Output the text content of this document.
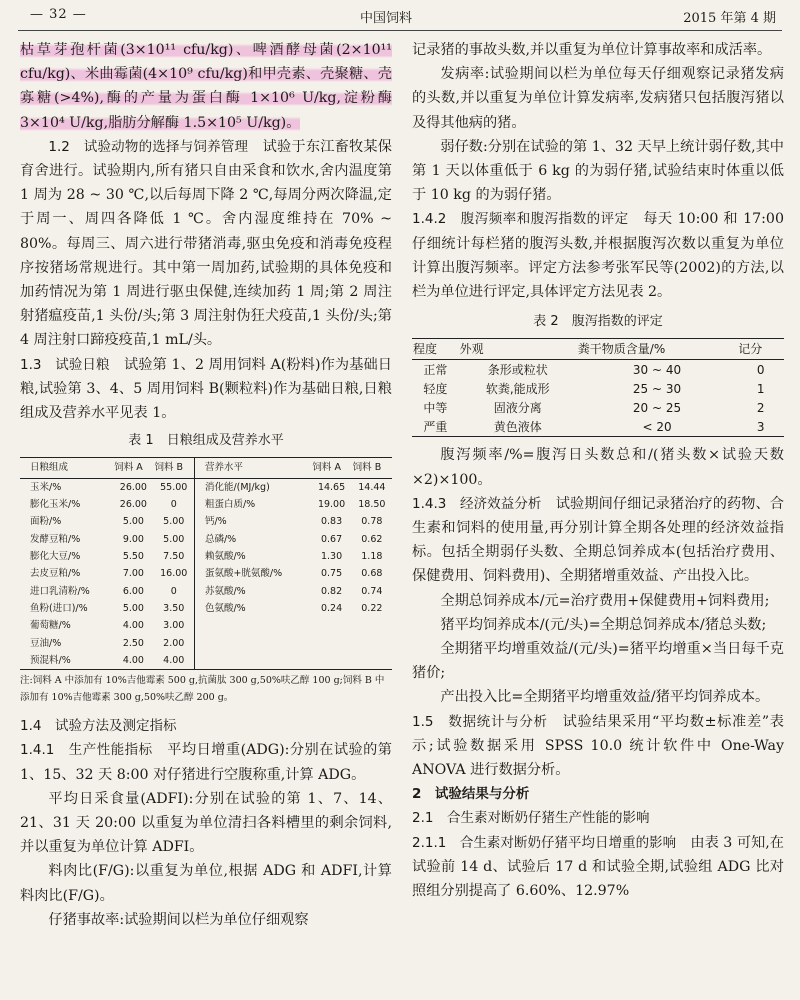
— 32 —	中国饲料	2015 年第 4 期

枯草芽孢杆菌(3×10¹¹ cfu/kg)、啤酒酵母菌(2×10¹¹ cfu/kg)、米曲霉菌(4×10⁹ cfu/kg)和甲壳素、壳聚糖、壳寡糖(>4%),酶的产量为蛋白酶 1×10⁶ U/kg,淀粉酶 3×10⁴ U/kg,脂肪分解酶 1.5×10⁵ U/kg)。

1.2　试验动物的选择与饲养管理　 试验于东江畜牧某保育舍进行。试验期内,所有猪只自由采食和饮水,舍内温度第 1 周为 28 ~ 30 ℃,以后每周下降 2 ℃,每周分两次降温,定于周一、周四各降低 1 ℃。舍内湿度维持在 70% ~ 80%。每周三、周六进行带猪消毒,驱虫免疫和消毒免疫程序按猪场常规进行。其中第一周加药,试验期的具体免疫和加药情况为第 1 周进行驱虫保健,连续加药 1 周;第 2 周注射猪瘟疫苗,1 头份/头;第 3 周注射伪狂犬疫苗,1 头份/头;第 4 周注射口蹄疫疫苗,1 mL/头。

1.3　试验日粮　 试验第 1、2 周用饲料 A(粉料)作为基础日粮,试验第 3、4、5 周用饲料 B(颗粒料)作为基础日粮,日粮组成及营养水平见表 1。

表 1　日粮组成及营养水平
日粮组成	饲料 A	饲料 B	营养水平	饲料 A	饲料 B
玉米/%	26.00	55.00	消化能/(MJ/kg)	14.65	14.44
膨化玉米/%	26.00	0	粗蛋白质/%	19.00	18.50
面粉/%	5.00	5.00	钙/%	0.83	0.78
发酵豆粕/%	9.00	5.00	总磷/%	0.67	0.62
膨化大豆/%	5.50	7.50	赖氨酸/%	1.30	1.18
去皮豆粕/%	7.00	16.00	蛋氨酸+胱氨酸/%	0.75	0.68
进口乳清粉/%	6.00	0	苏氨酸/%	0.82	0.74
鱼粉(进口)/%	5.00	3.50	色氨酸/%	0.24	0.22
葡萄糖/%	4.00	3.00			
豆油/%	2.50	2.00			
预混料/%	4.00	4.00			
注:饲料 A 中添加有 10%吉他霉素 500 g,抗菌肽 300 g,50%呋乙醇 100 g;饲料 B 中添加有 10%吉他霉素 300 g,50%呋乙醇 200 g。

1.4　试验方法及测定指标

1.4.1　生产性能指标　 平均日增重(ADG):分别在试验的第 1、15、32 天 8:00 对仔猪进行空腹称重,计算 ADG。

平均日采食量(ADFI):分别在试验的第 1、7、14、21、31 天 20:00 以重复为单位清扫各料槽里的剩余饲料,并以重复为单位计算 ADFI。

料肉比(F/G):以重复为单位,根据 ADG 和 ADFI,计算料肉比(F/G)。

仔猪事故率:试验期间以栏为单位仔细观察

记录猪的事故头数,并以重复为单位计算事故率和成活率。

发病率:试验期间以栏为单位每天仔细观察记录猪发病的头数,并以重复为单位计算发病率,发病猪只包括腹泻猪以及得其他病的猪。

弱仔数:分别在试验的第 1、32 天早上统计弱仔数,其中第 1 天以体重低于 6 kg 的为弱仔猪,试验结束时体重以低于 10 kg 的为弱仔猪。

1.4.2　腹泻频率和腹泻指数的评定　 每天 10:00 和 17:00 仔细统计每栏猪的腹泻头数,并根据腹泻次数以重复为单位计算出腹泻频率。评定方法参考张军民等(2002)的方法,以栏为单位进行评定,具体评定方法见表 2。

表 2　腹泻指数的评定
程度	外观	粪干物质含量/%	记分
正常	条形或粒状	30 ~ 40	0
轻度	软粪,能成形	25 ~ 30	1
中等	固液分离	20 ~ 25	2
严重	黄色液体	< 20	3

腹泻频率/%=腹泻日头数总和/(猪头数×试验天数×2)×100。

1.4.3　经济效益分析　 试验期间仔细记录猪治疗的药物、合生素和饲料的使用量,再分别计算全期各处理的经济效益指标。包括全期弱仔头数、全期总饲养成本(包括治疗费用、保健费用、饲料费用)、全期猪增重效益、产出投入比。

全期总饲养成本/元=治疗费用+保健费用+饲料费用;

猪平均饲养成本/(元/头)=全期总饲养成本/猪总头数;

全期猪平均增重效益/(元/头)=猪平均增重×当日每千克猪价;

产出投入比=全期猪平均增重效益/猪平均饲养成本。

1.5　数据统计与分析　 试验结果采用“平均数±标准差”表示;试验数据采用 SPSS 10.0 统计软件中 One-Way ANOVA 进行数据分析。

2　试验结果与分析

2.1　合生素对断奶仔猪生产性能的影响

2.1.1　合生素对断奶仔猪平均日增重的影响　 由表 3 可知,在试验前 14 d、试验后 17 d 和试验全期,试验组 ADG 比对照组分别提高了 6.60%、12.97%
